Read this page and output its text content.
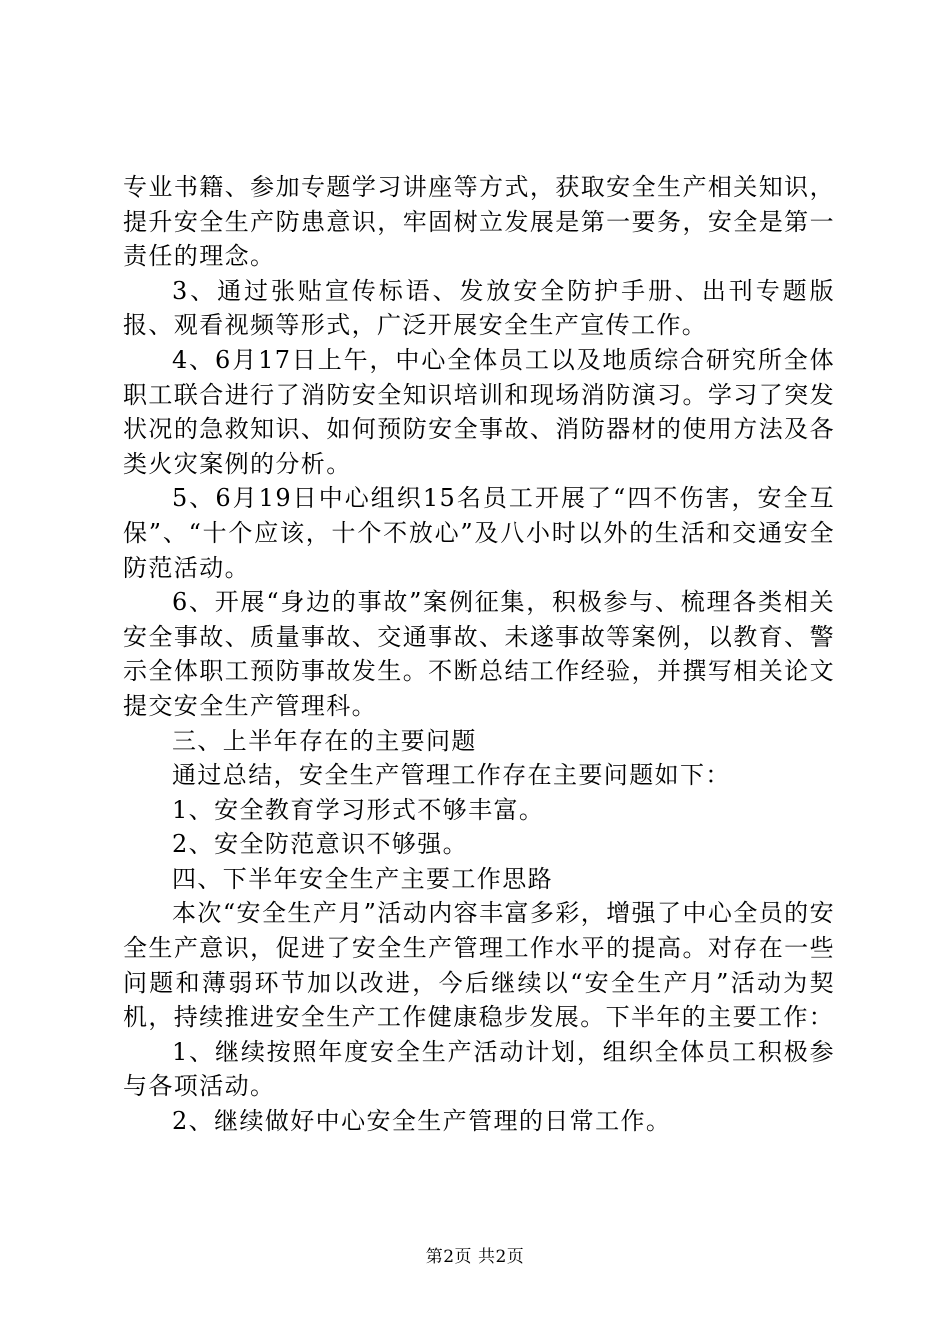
专业书籍、参加专题学习讲座等方式，获取安全生产相关知识，提升安全生产防患意识，牢固树立发展是第一要务，安全是第一责任的理念。

3、通过张贴宣传标语、发放安全防护手册、出刊专题版报、观看视频等形式，广泛开展安全生产宣传工作。

4、6月17日上午，中心全体员工以及地质综合研究所全体职工联合进行了消防安全知识培训和现场消防演习。学习了突发状况的急救知识、如何预防安全事故、消防器材的使用方法及各类火灾案例的分析。

5、6月19日中心组织15名员工开展了“四不伤害，安全互保”、“十个应该，十个不放心”及八小时以外的生活和交通安全防范活动。

6、开展“身边的事故”案例征集，积极参与、梳理各类相关安全事故、质量事故、交通事故、未遂事故等案例，以教育、警示全体职工预防事故发生。不断总结工作经验，并撰写相关论文提交安全生产管理科。

三、上半年存在的主要问题

通过总结，安全生产管理工作存在主要问题如下：

1、安全教育学习形式不够丰富。

2、安全防范意识不够强。

四、下半年安全生产主要工作思路

本次“安全生产月”活动内容丰富多彩，增强了中心全员的安全生产意识，促进了安全生产管理工作水平的提高。对存在一些问题和薄弱环节加以改进，今后继续以“安全生产月”活动为契机，持续推进安全生产工作健康稳步发展。下半年的主要工作：

1、继续按照年度安全生产活动计划，组织全体员工积极参与各项活动。

2、继续做好中心安全生产管理的日常工作。

第2页 共2页
